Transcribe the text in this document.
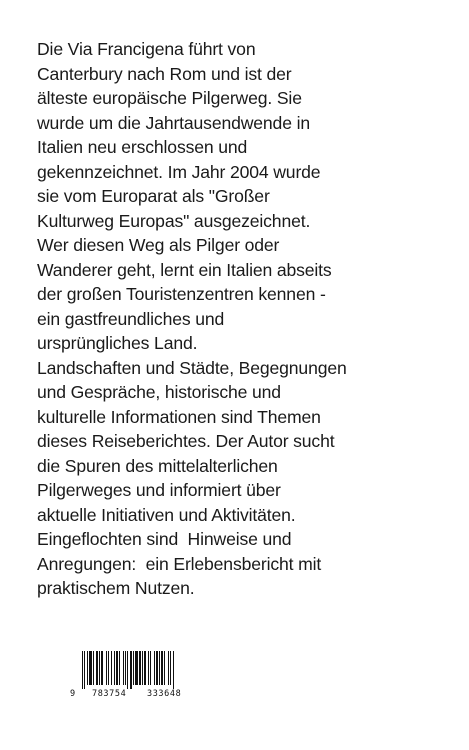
Die Via Francigena führt von
Canterbury nach Rom und ist der
älteste europäische Pilgerweg. Sie
wurde um die Jahrtausendwende in
Italien neu erschlossen und
gekennzeichnet. Im Jahr 2004 wurde
sie vom Europarat als "Großer
Kulturweg Europas" ausgezeichnet.
Wer diesen Weg als Pilger oder
Wanderer geht, lernt ein Italien abseits
der großen Touristenzentren kennen -
ein gastfreundliches und
ursprüngliches Land.
Landschaften und Städte, Begegnungen
und Gespräche, historische und
kulturelle Informationen sind Themen
dieses Reiseberichtes. Der Autor sucht
die Spuren des mittelalterlichen
Pilgerweges und informiert über
aktuelle Initiativen und Aktivitäten.
Eingeflochten sind  Hinweise und
Anregungen:  ein Erlebensbericht mit
praktischem Nutzen.
9 783754 333648
